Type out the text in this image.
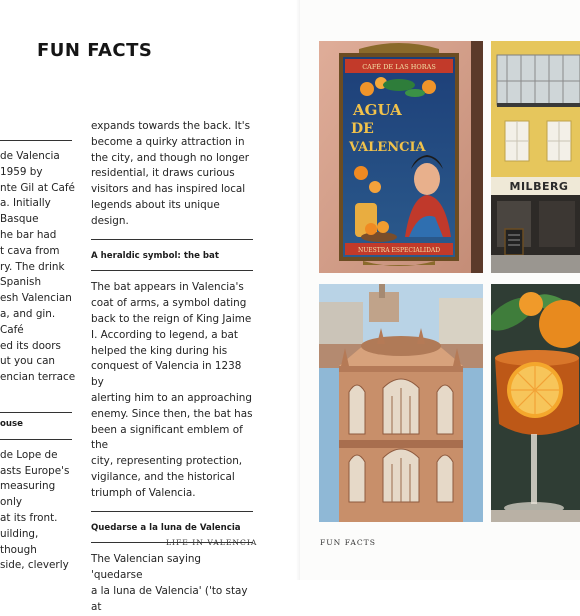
FUN FACTS

de Valencia
1959 by
nte Gil at Café
a. Initially
Basque
he bar had
t cava from
ry. The drink
Spanish
esh Valencian
a, and gin. Café
ed its doors
ut you can
encian terrace

ouse

de Lope de
asts Europe's
measuring only
at its front.
uilding, though
side, cleverly

expands towards the back. It's
become a quirky attraction in
the city, and though no longer
residential, it draws curious
visitors and has inspired local
legends about its unique design.

A heraldic symbol: the bat

The bat appears in Valencia's
coat of arms, a symbol dating
back to the reign of King Jaime
I. According to legend, a bat
helped the king during his
conquest of Valencia in 1238 by
alerting him to an approaching
enemy. Since then, the bat has
been a significant emblem of the
city, representing protection,
vigilance, and the historical
triumph of Valencia.

Quedarse a la luna de Valencia

The Valencian saying 'quedarse
a la luna de Valencia' ('to stay at

LIFE IN VALENCIA	FUN FACTS
CAFÉ DE LAS HORAS
AGUA
DE
VALENCIA
NUESTRA ESPECIALIDAD
MILBERG
